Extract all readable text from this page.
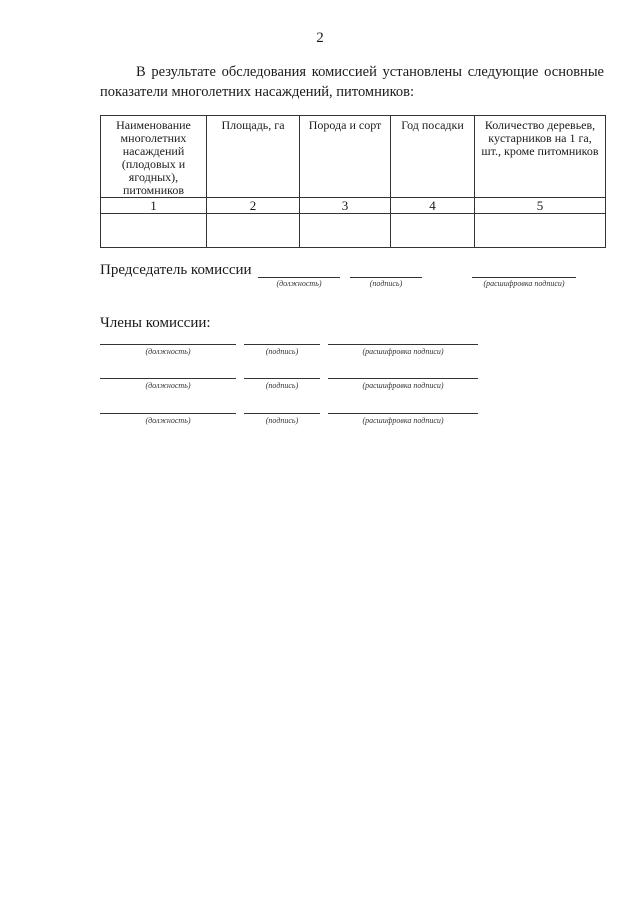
2
В результате обследования комиссией установлены следующие основные показатели многолетних насаждений, питомников:
Наименование многолетних насаждений (плодовых и ягодных), питомников	Площадь, га	Порода и сорт	Год посадки	Количество деревьев, кустарников на 1 га, шт., кроме питомников
1	2	3	4	5

Председатель комиссии
(должность)	(подпись)	(расшифровка подписи)
Члены комиссии:
(должность)	(подпись)	(расшифровка подписи)
(должность)	(подпись)	(расшифровка подписи)
(должность)	(подпись)	(расшифровка подписи)
